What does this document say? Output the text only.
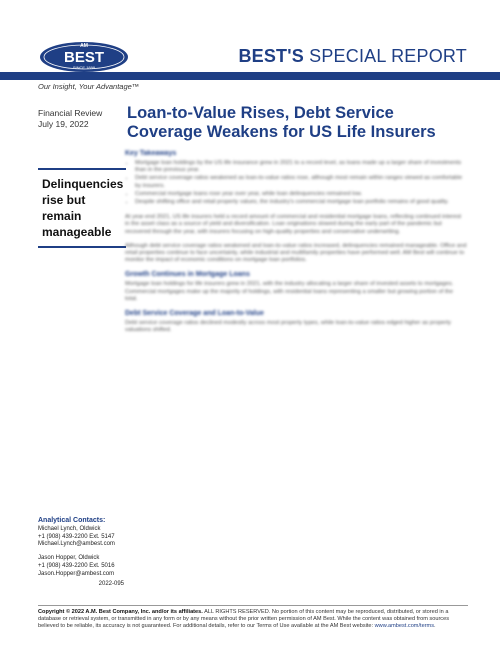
AM
BEST
SINCE 1899
BEST'S SPECIAL REPORT
Our Insight, Your Advantage™
Financial Review
July 19, 2022
Delinquencies rise but remain manageable
Analytical Contacts:
Michael Lynch, Oldwick
+1 (908) 439-2200 Ext. 5147
Michael.Lynch@ambest.com
Jason Hopper, Oldwick
+1 (908) 439-2200 Ext. 5016
Jason.Hopper@ambest.com
2022-095
Loan-to-Value Rises, Debt Service Coverage Weakens for US Life Insurers
Key Takeaways
• Mortgage loan holdings by the US life insurance grew in 2021 to a record level, as loans made up a larger share of investments than in the previous year.
• Debt service coverage ratios weakened as loan-to-value ratios rose, although most remain within ranges viewed as comfortable by insurers.
• Commercial mortgage loans rose year over year, while loan delinquencies remained low.
• Despite shifting office and retail property values, the industry's commercial mortgage loan portfolio remains of good quality.

At year-end 2021, US life insurers held a record amount of commercial and residential mortgage loans, reflecting continued interest in the asset class as a source of yield and diversification. Loan originations slowed during the early part of the pandemic but recovered through the year, with insurers focusing on high-quality properties and conservative underwriting.

Although debt service coverage ratios weakened and loan-to-value ratios increased, delinquencies remained manageable. Office and retail properties continue to face uncertainty, while industrial and multifamily properties have performed well. AM Best will continue to monitor the impact of economic conditions on mortgage loan portfolios.

Growth Continues in Mortgage Loans

Mortgage loan holdings for life insurers grew in 2021, with the industry allocating a larger share of invested assets to mortgages. Commercial mortgages make up the majority of holdings, with residential loans representing a smaller but growing portion of the total.

Debt Service Coverage and Loan-to-Value

Debt service coverage ratios declined modestly across most property types, while loan-to-value ratios edged higher as property valuations shifted.

Copyright © 2022 A.M. Best Company, Inc. and/or its affiliates. ALL RIGHTS RESERVED. No portion of this content may be reproduced, distributed, or stored in a database or retrieval system, or transmitted in any form or by any means without the prior written permission of AM Best. While the content was obtained from sources believed to be reliable, its accuracy is not guaranteed. For additional details, refer to our Terms of Use available at the AM Best website: www.ambest.com/terms.
